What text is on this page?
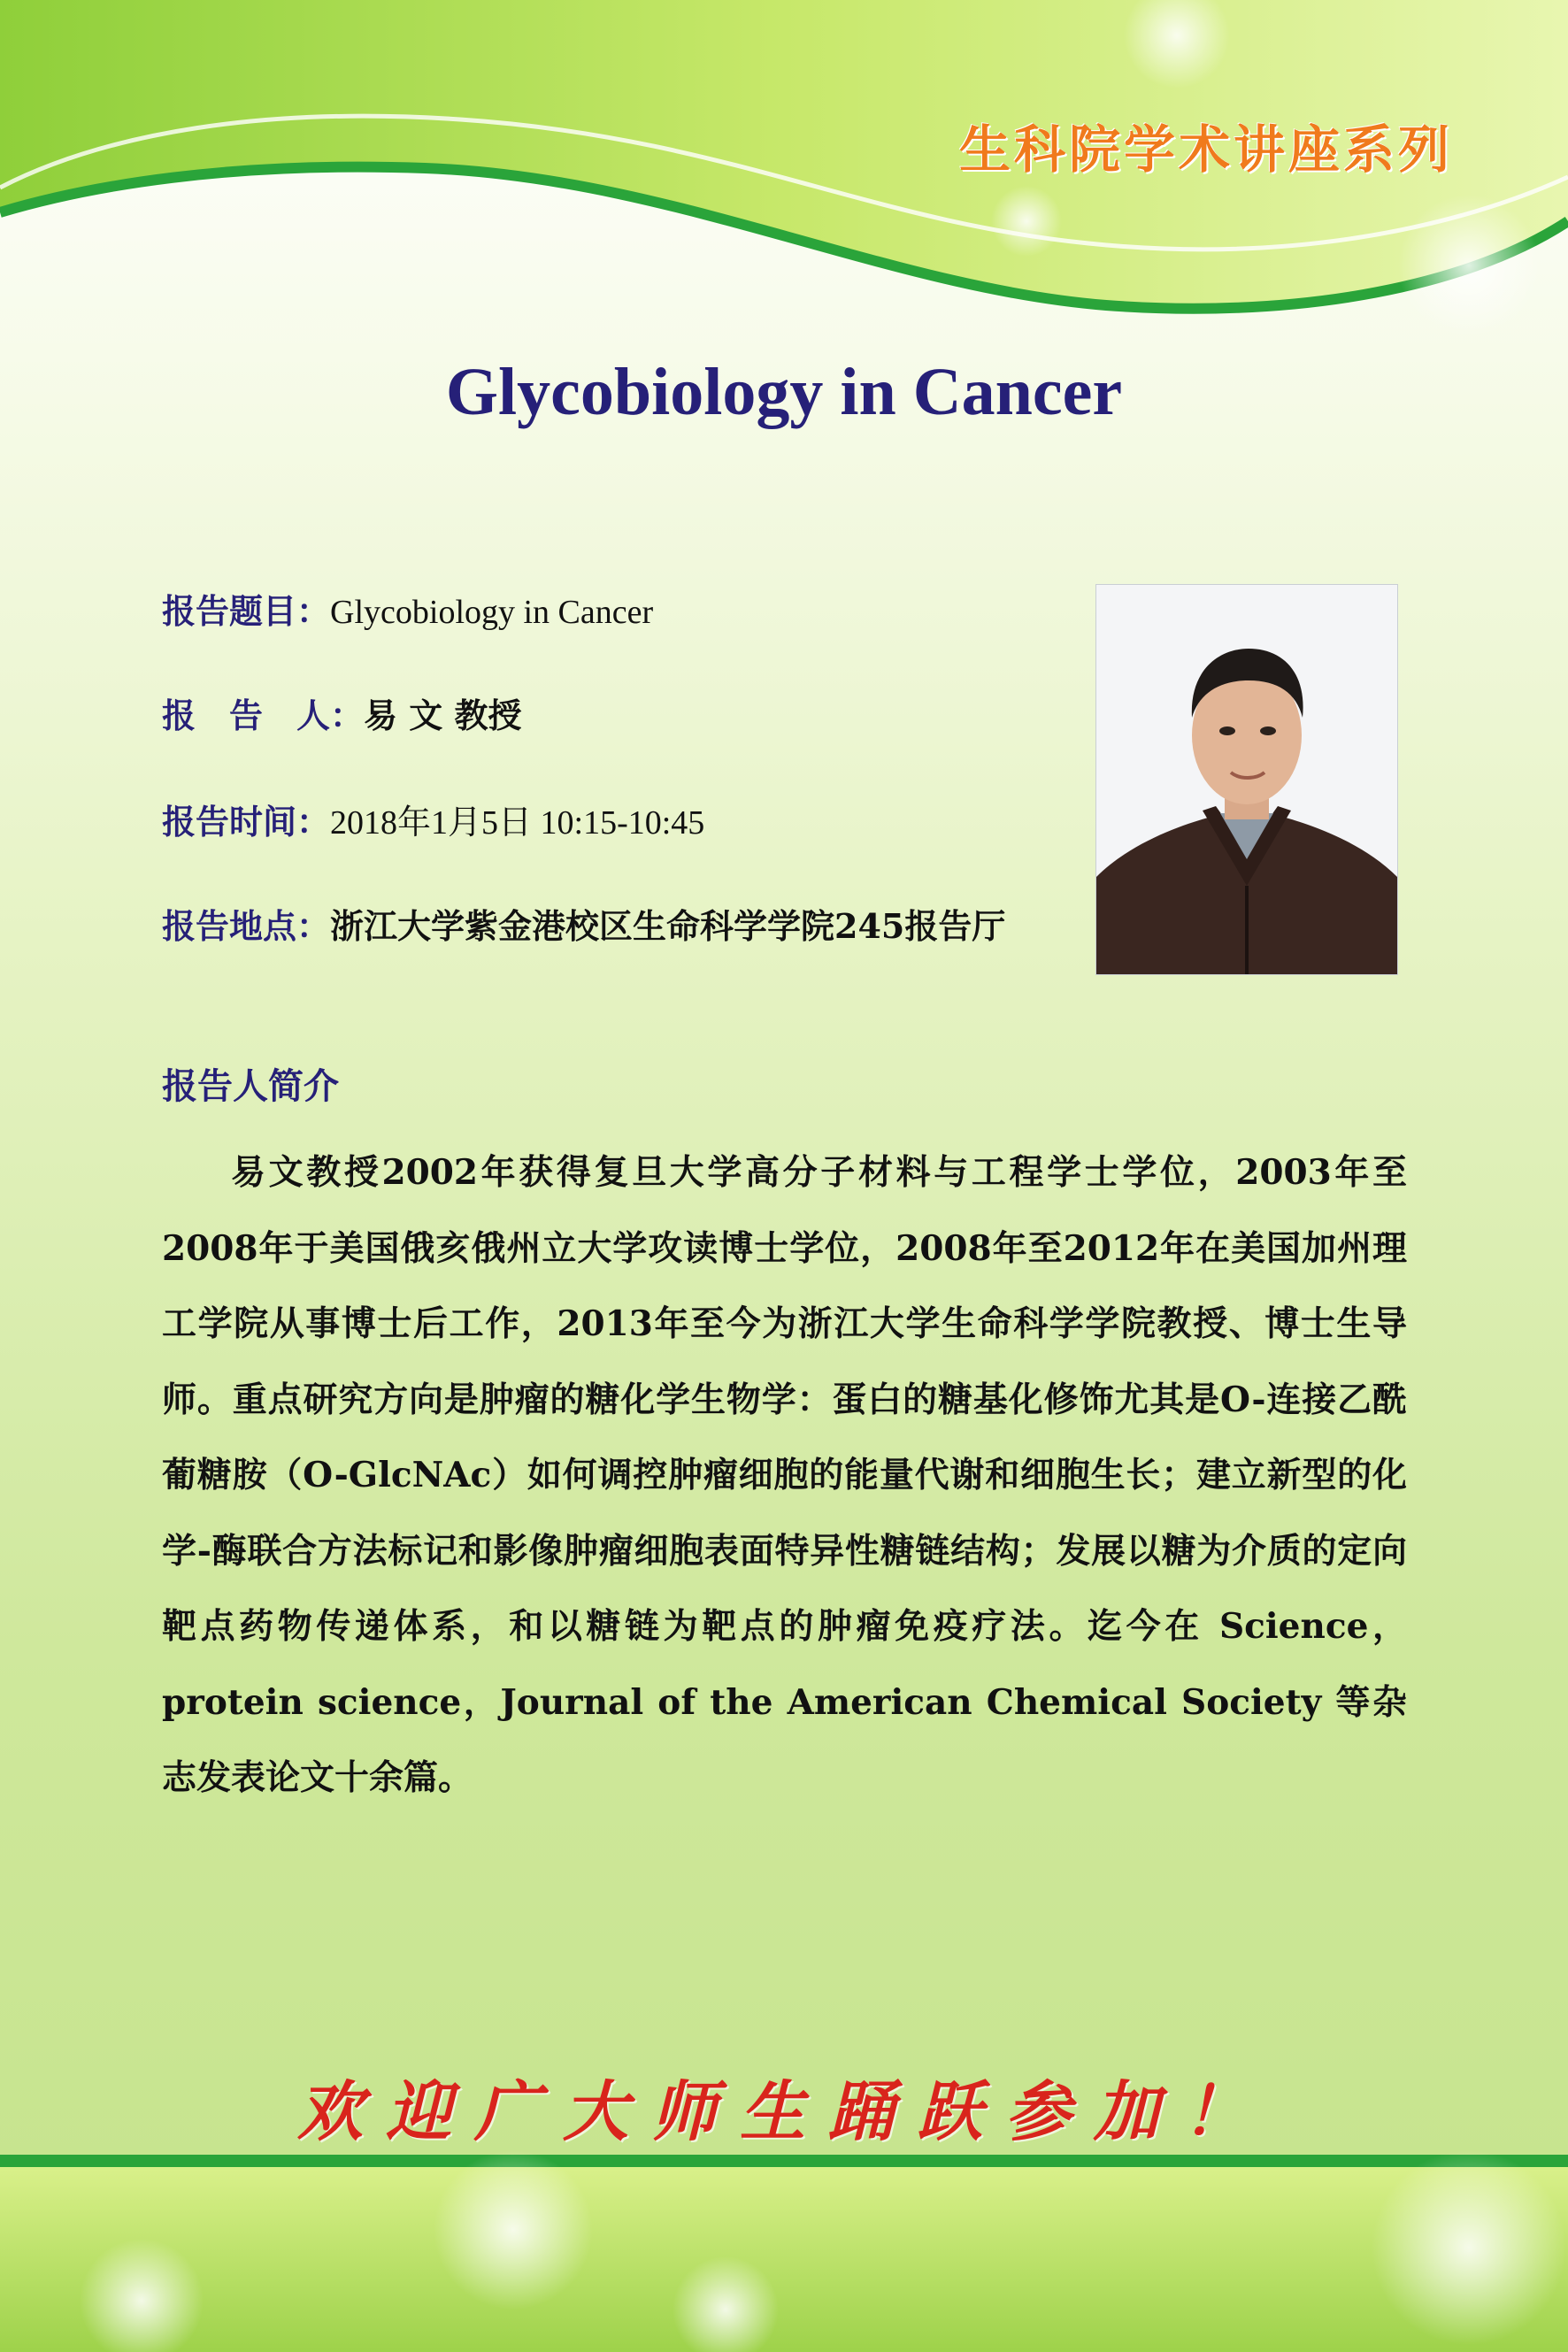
生科院学术讲座系列
Glycobiology in Cancer
报告题目：Glycobiology in Cancer
报　告　人：易 文 教授
报告时间：2018年1月5日 10:15-10:45
报告地点：浙江大学紫金港校区生命科学学院245报告厅
报告人简介
易文教授2002年获得复旦大学高分子材料与工程学士学位，2003年至2008年于美国俄亥俄州立大学攻读博士学位，2008年至2012年在美国加州理工学院从事博士后工作，2013年至今为浙江大学生命科学学院教授、博士生导师。重点研究方向是肿瘤的糖化学生物学：蛋白的糖基化修饰尤其是O-连接乙酰葡糖胺（O-GlcNAc）如何调控肿瘤细胞的能量代谢和细胞生长；建立新型的化学-酶联合方法标记和影像肿瘤细胞表面特异性糖链结构；发展以糖为介质的定向靶点药物传递体系，和以糖链为靶点的肿瘤免疫疗法。迄今在 Science，protein science，Journal of the American Chemical Society 等杂志发表论文十余篇。
欢迎广大师生踊跃参加！
